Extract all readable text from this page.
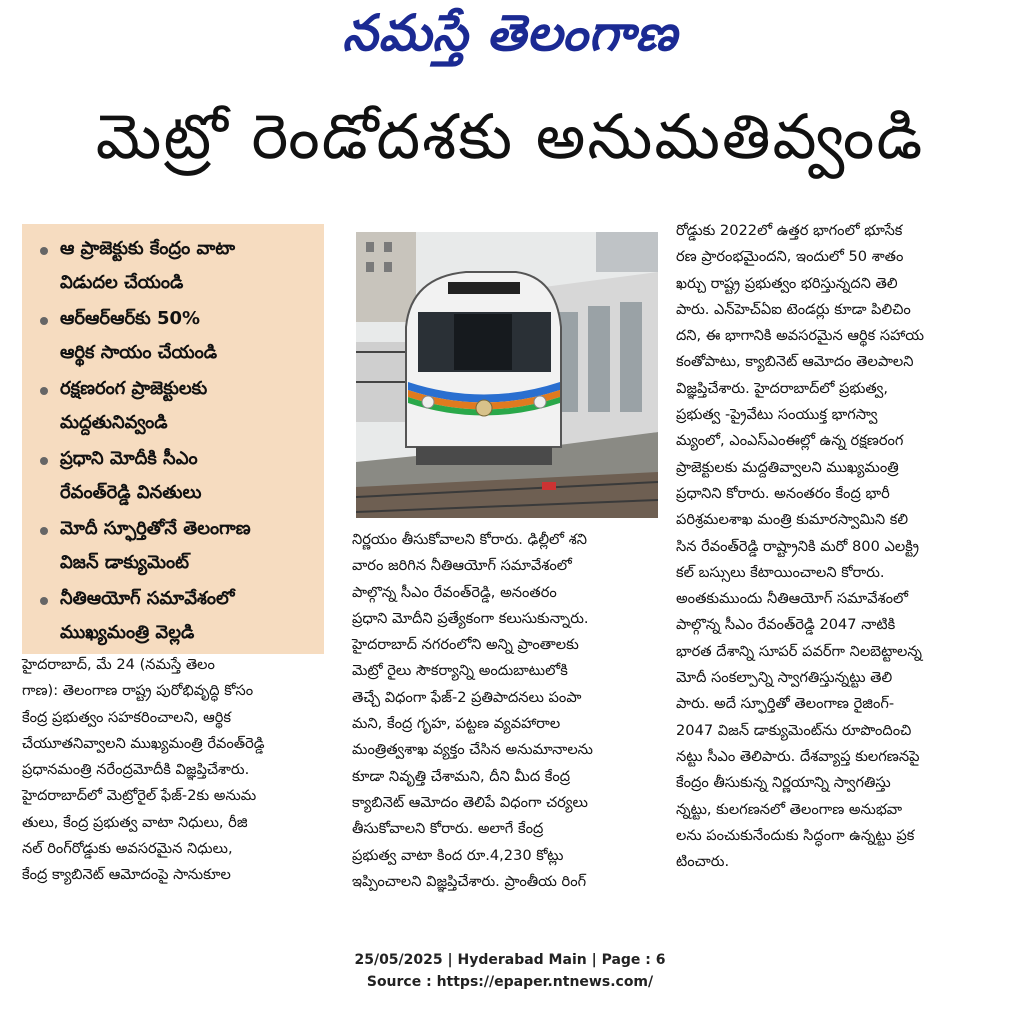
నమస్తే తెలంగాణ
మెట్రో రెండోదశకు అనుమతివ్వండి
ఆ ప్రాజెక్టుకు కేంద్రం వాటా
విడుదల చేయండి
ఆర్ఆర్ఆర్‌కు 50%
ఆర్థిక సాయం చేయండి
రక్షణరంగ ప్రాజెక్టులకు
మద్దతునివ్వండి
ప్రధాని మోదీకి సీఎం
రేవంత్‌రెడ్డి వినతులు
మోదీ స్ఫూర్తితోనే తెలంగాణ
విజన్ డాక్యుమెంట్
నీతిఆయోగ్ సమావేశంలో
ముఖ్యమంత్రి వెల్లడి

హైదరాబాద్, మే 24 (నమస్తే తెలం

గాణ): తెలంగాణ రాష్ట్ర పురోభివృద్ధి కోసం

కేంద్ర ప్రభుత్వం సహకరించాలని, ఆర్థిక

చేయూతనివ్వాలని ముఖ్యమంత్రి రేవంత్‌రెడ్డి

ప్రధానమంత్రి నరేంద్రమోదీకి విజ్ఞప్తిచేశారు.

హైదరాబాద్‌లో మెట్రోరైల్ ఫేజ్-2కు అనుమ

తులు, కేంద్ర ప్రభుత్వ వాటా నిధులు, రీజి

నల్ రింగ్‌రోడ్డుకు అవసరమైన నిధులు,

కేంద్ర క్యాబినెట్ ఆమోదంపై సానుకూల

నిర్ణయం తీసుకోవాలని కోరారు. ఢిల్లీలో శని

వారం జరిగిన నీతిఆయోగ్ సమావేశంలో

పాల్గొన్న సీఎం రేవంత్‌రెడ్డి, అనంతరం

ప్రధాని మోదీని ప్రత్యేకంగా కలుసుకున్నారు.

హైదరాబాద్ నగరంలోని అన్ని ప్రాంతాలకు

మెట్రో రైలు సౌకర్యాన్ని అందుబాటులోకి

తెచ్చే విధంగా ఫేజ్-2 ప్రతిపాదనలు పంపా

మని, కేంద్ర గృహ, పట్టణ వ్యవహారాల

మంత్రిత్వశాఖ వ్యక్తం చేసిన అనుమానాలను

కూడా నివృత్తి చేశామని, దీని మీద కేంద్ర

క్యాబినెట్ ఆమోదం తెలిపే విధంగా చర్యలు

తీసుకోవాలని కోరారు. అలాగే కేంద్ర

ప్రభుత్వ వాటా కింద రూ.4,230 కోట్లు

ఇప్పించాలని విజ్ఞప్తిచేశారు. ప్రాంతీయ రింగ్

రోడ్డుకు 2022లో ఉత్తర భాగంలో భూసేక

రణ ప్రారంభమైందని, ఇందులో 50 శాతం

ఖర్చు రాష్ట్ర ప్రభుత్వం భరిస్తున్నదని తెలి

పారు. ఎన్‌హెచ్ఏఐ టెండర్లు కూడా పిలిచిం

దని, ఈ భాగానికి అవసరమైన ఆర్థిక సహాయ

కంతోపాటు, క్యాబినెట్ ఆమోదం తెలపాలని

విజ్ఞప్తిచేశారు. హైదరాబాద్‌లో ప్రభుత్వ,

ప్రభుత్వ -ప్రైవేటు సంయుక్త భాగస్వా

మ్యంలో, ఎంఎస్ఎంఈల్లో ఉన్న రక్షణరంగ

ప్రాజెక్టులకు మద్దతివ్వాలని ముఖ్యమంత్రి

ప్రధానిని కోరారు. అనంతరం కేంద్ర భారీ

పరిశ్రమలశాఖ మంత్రి కుమారస్వామిని కలి

సిన రేవంత్‌రెడ్డి రాష్ట్రానికి మరో 800 ఎలక్ట్రి

కల్ బస్సులు కేటాయించాలని కోరారు.

అంతకుముందు నీతిఆయోగ్ సమావేశంలో

పాల్గొన్న సీఎం రేవంత్‌రెడ్డి 2047 నాటికి

భారత దేశాన్ని సూపర్ పవర్‌గా నిలబెట్టాలన్న

మోదీ సంకల్పాన్ని స్వాగతిస్తున్నట్టు తెలి

పారు. అదే స్ఫూర్తితో తెలంగాణ రైజింగ్-

2047 విజన్ డాక్యుమెంట్‌ను రూపొందించి

నట్టు సీఎం తెలిపారు. దేశవ్యాప్త కులగణనపై

కేంద్రం తీసుకున్న నిర్ణయాన్ని స్వాగతిస్తు

న్నట్టు, కులగణనలో తెలంగాణ అనుభవా

లను పంచుకునేందుకు సిద్ధంగా ఉన్నట్టు ప్రక

టించారు.

25/05/2025 | Hyderabad Main | Page : 6
Source : https://epaper.ntnews.com/
